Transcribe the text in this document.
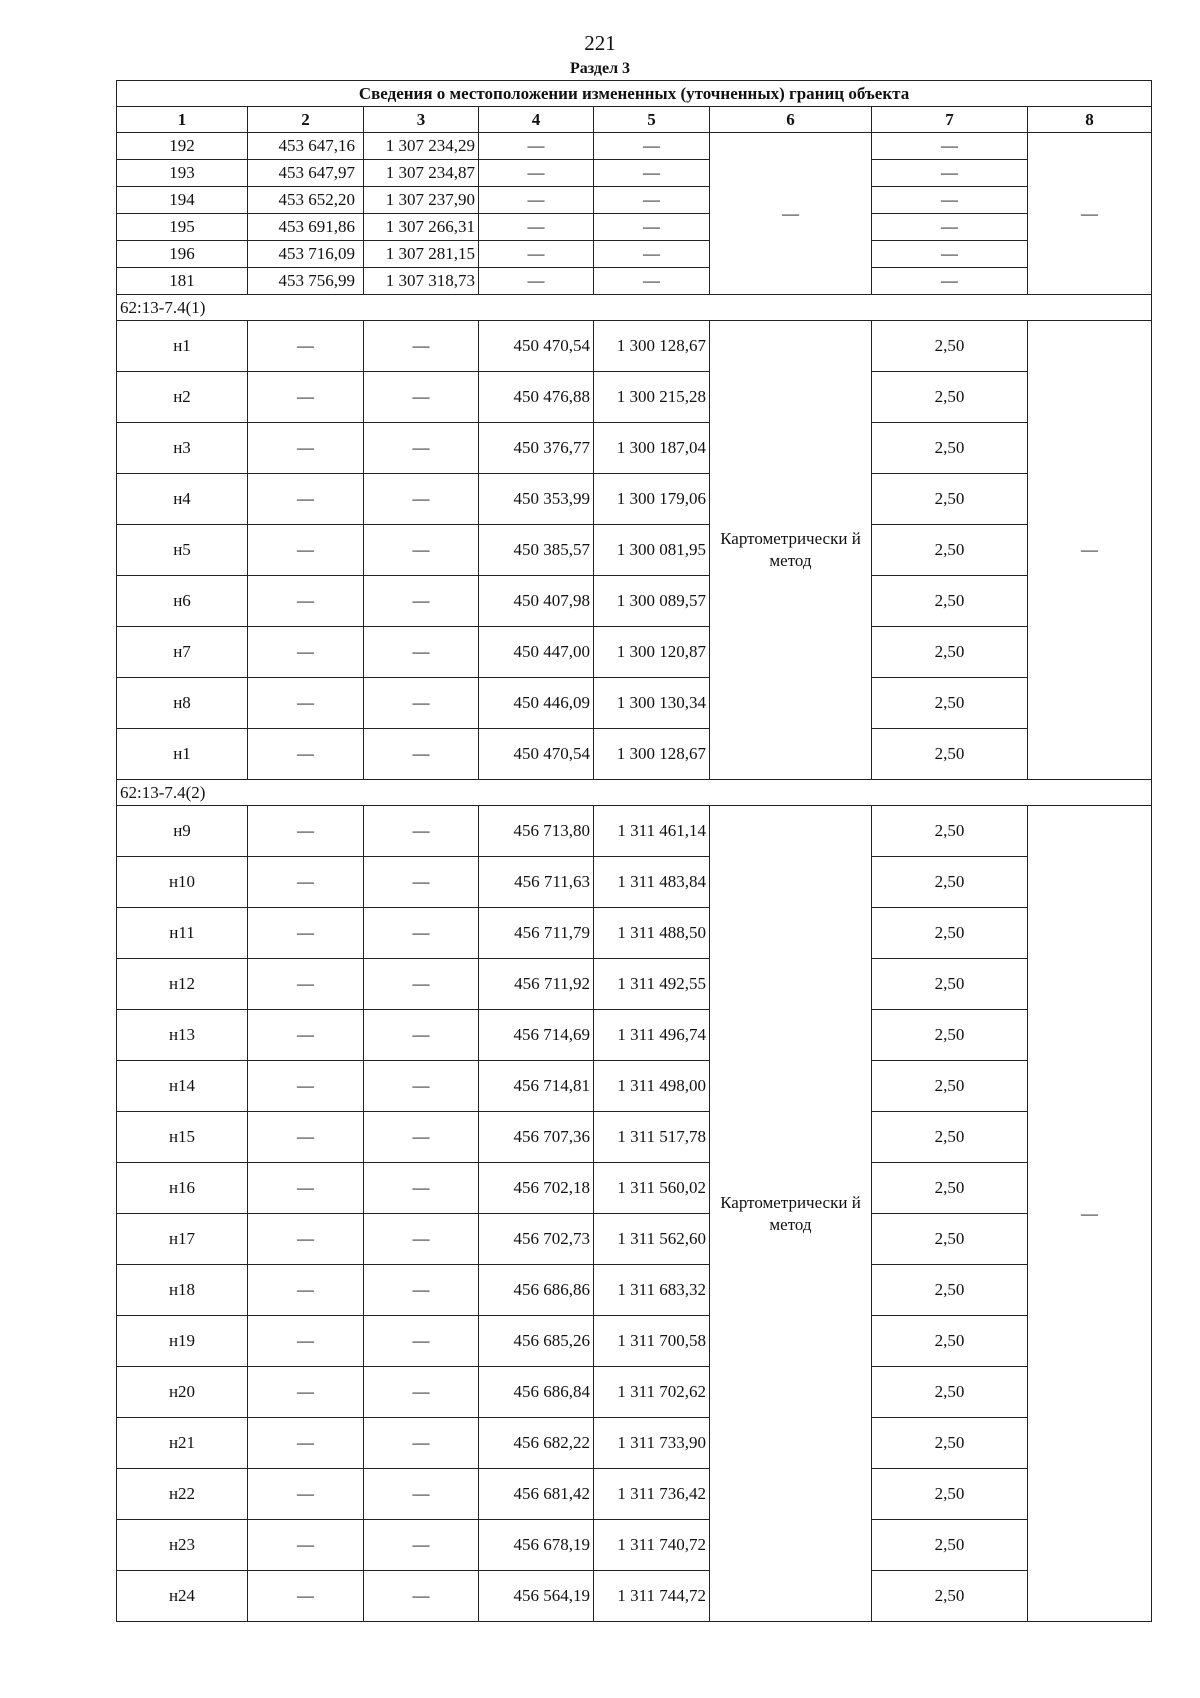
221
Раздел 3
Сведения о местоположении измененных (уточненных) границ объекта							
1	2	3	4	5	6	7	8
192	453 647,16	1 307 234,29	—	—	—	—	—
193	453 647,97	1 307 234,87	—	—		—	
194	453 652,20	1 307 237,90	—	—		—	
195	453 691,86	1 307 266,31	—	—		—	
196	453 716,09	1 307 281,15	—	—		—	
181	453 756,99	1 307 318,73	—	—		—	
62:13-7.4(1)							
н1	—	—	450 470,54	1 300 128,67	Картометрически й метод	2,50	—
н2	—	—	450 476,88	1 300 215,28		2,50	
н3	—	—	450 376,77	1 300 187,04		2,50	
н4	—	—	450 353,99	1 300 179,06		2,50	
н5	—	—	450 385,57	1 300 081,95		2,50	
н6	—	—	450 407,98	1 300 089,57		2,50	
н7	—	—	450 447,00	1 300 120,87		2,50	
н8	—	—	450 446,09	1 300 130,34		2,50	
н1	—	—	450 470,54	1 300 128,67		2,50	
62:13-7.4(2)							
н9	—	—	456 713,80	1 311 461,14	Картометрически й метод	2,50	—
н10	—	—	456 711,63	1 311 483,84		2,50	
н11	—	—	456 711,79	1 311 488,50		2,50	
н12	—	—	456 711,92	1 311 492,55		2,50	
н13	—	—	456 714,69	1 311 496,74		2,50	
н14	—	—	456 714,81	1 311 498,00		2,50	
н15	—	—	456 707,36	1 311 517,78		2,50	
н16	—	—	456 702,18	1 311 560,02		2,50	
н17	—	—	456 702,73	1 311 562,60		2,50	
н18	—	—	456 686,86	1 311 683,32		2,50	
н19	—	—	456 685,26	1 311 700,58		2,50	
н20	—	—	456 686,84	1 311 702,62		2,50	
н21	—	—	456 682,22	1 311 733,90		2,50	
н22	—	—	456 681,42	1 311 736,42		2,50	
н23	—	—	456 678,19	1 311 740,72		2,50	
н24	—	—	456 564,19	1 311 744,72		2,50	
